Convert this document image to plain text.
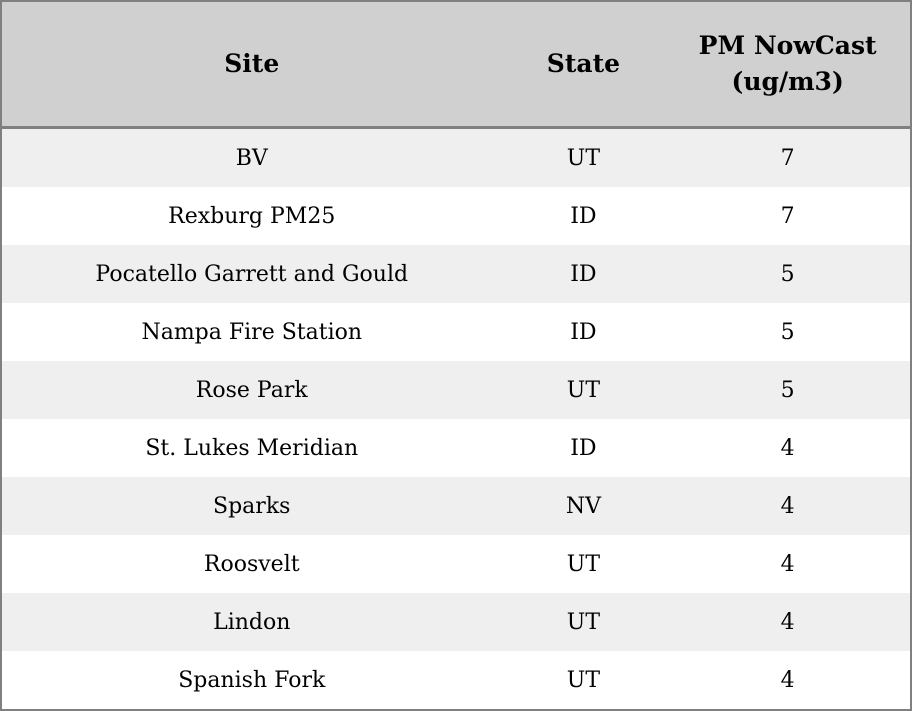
Site	State	PM NowCast (ug/m3)
BV	UT	7
Rexburg PM25	ID	7
Pocatello Garrett and Gould	ID	5
Nampa Fire Station	ID	5
Rose Park	UT	5
St. Lukes Meridian	ID	4
Sparks	NV	4
Roosvelt	UT	4
Lindon	UT	4
Spanish Fork	UT	4
